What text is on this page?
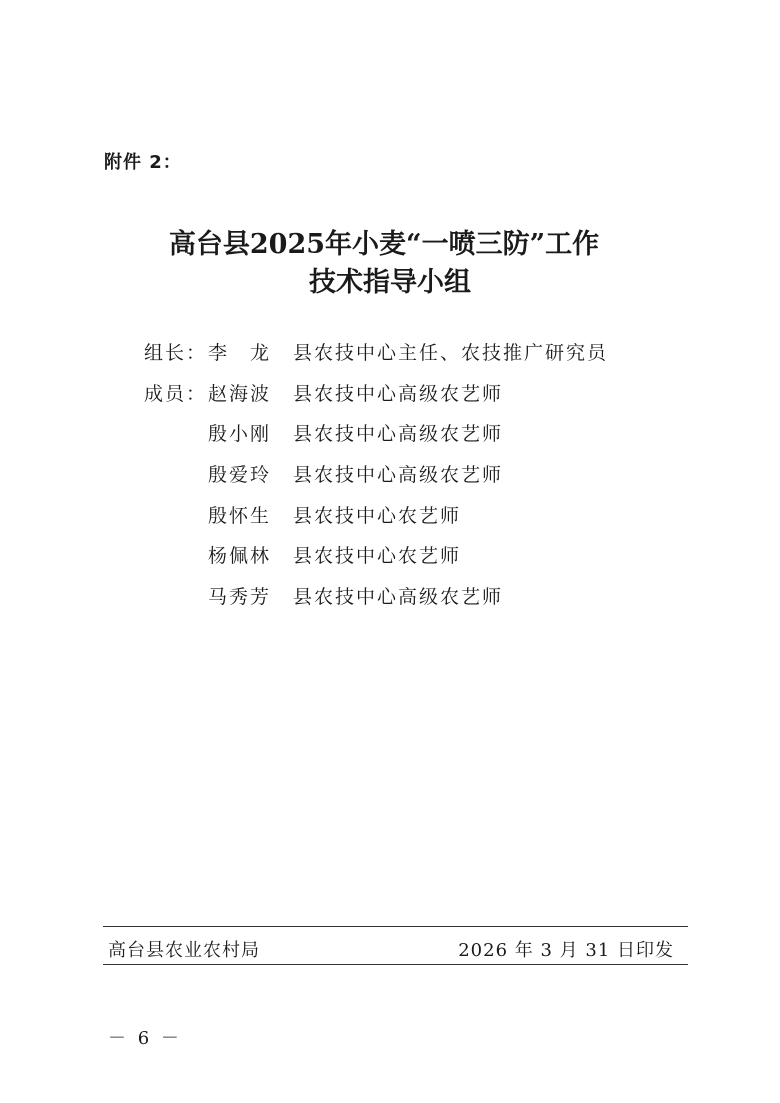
附件 2：
高台县2025年小麦“一喷三防”工作
技术指导小组
组长： 李　龙	县农技中心主任、农技推广研究员
成员： 赵海波	县农技中心高级农艺师
殷小刚	县农技中心高级农艺师
殷爱玲	县农技中心高级农艺师
殷怀生	县农技中心农艺师
杨佩林	县农技中心农艺师
马秀芳	县农技中心高级农艺师
高台县农业农村局	2026 年 3 月 31 日印发
－ 6 －
